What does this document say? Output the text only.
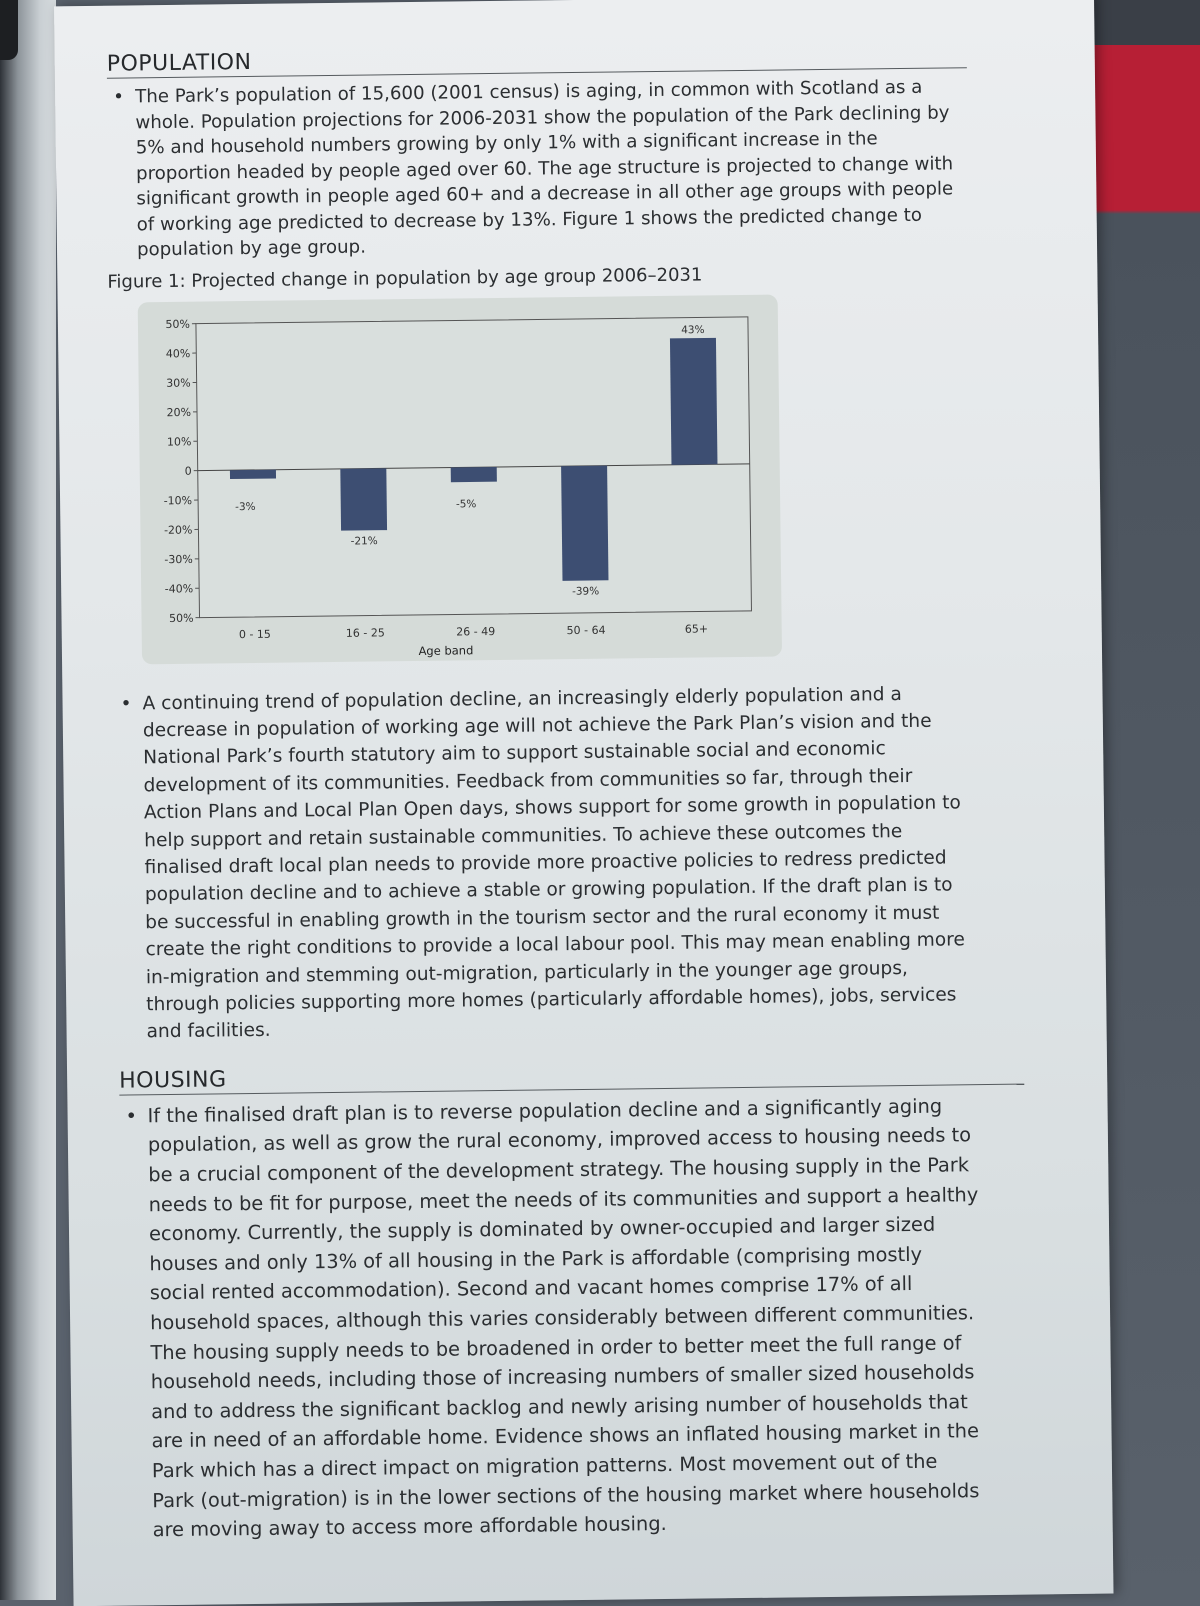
POPULATION

• The Park’s population of 15,600 (2001 census) is aging, in common with Scotland as a whole. Population projections for 2006-2031 show the population of the Park declining by 5% and household numbers growing by only 1% with a significant increase in the proportion headed by people aged over 60. The age structure is projected to change with significant growth in people aged 60+ and a decrease in all other age groups with people of working age predicted to decrease by 13%. Figure 1 shows the predicted change to population by age group.

Figure 1: Projected change in population by age group 2006–2031
50%
40%
30%
20%
10%
0
-10%
-20%
-30%
-40%
50%
-3%
0 - 15
-21%
16 - 25
-5%
26 - 49
-39%
50 - 64
43%
65+
Age band

• A continuing trend of population decline, an increasingly elderly population and a decrease in population of working age will not achieve the Park Plan’s vision and the National Park’s fourth statutory aim to support sustainable social and economic development of its communities. Feedback from communities so far, through their Action Plans and Local Plan Open days, shows support for some growth in population to help support and retain sustainable communities. To achieve these outcomes the finalised draft local plan needs to provide more proactive policies to redress predicted population decline and to achieve a stable or growing population. If the draft plan is to be successful in enabling growth in the tourism sector and the rural economy it must create the right conditions to provide a local labour pool. This may mean enabling more in-migration and stemming out-migration, particularly in the younger age groups, through policies supporting more homes (particularly affordable homes), jobs, services and facilities.

HOUSING

• If the finalised draft plan is to reverse population decline and a significantly aging population, as well as grow the rural economy, improved access to housing needs to be a crucial component of the development strategy. The housing supply in the Park needs to be fit for purpose, meet the needs of its communities and support a healthy economy. Currently, the supply is dominated by owner-occupied and larger sized houses and only 13% of all housing in the Park is affordable (comprising mostly social rented accommodation). Second and vacant homes comprise 17% of all household spaces, although this varies considerably between different communities. The housing supply needs to be broadened in order to better meet the full range of household needs, including those of increasing numbers of smaller sized households and to address the significant backlog and newly arising number of households that are in need of an affordable home. Evidence shows an inflated housing market in the Park which has a direct impact on migration patterns. Most movement out of the Park (out-migration) is in the lower sections of the housing market where households are moving away to access more affordable housing.
